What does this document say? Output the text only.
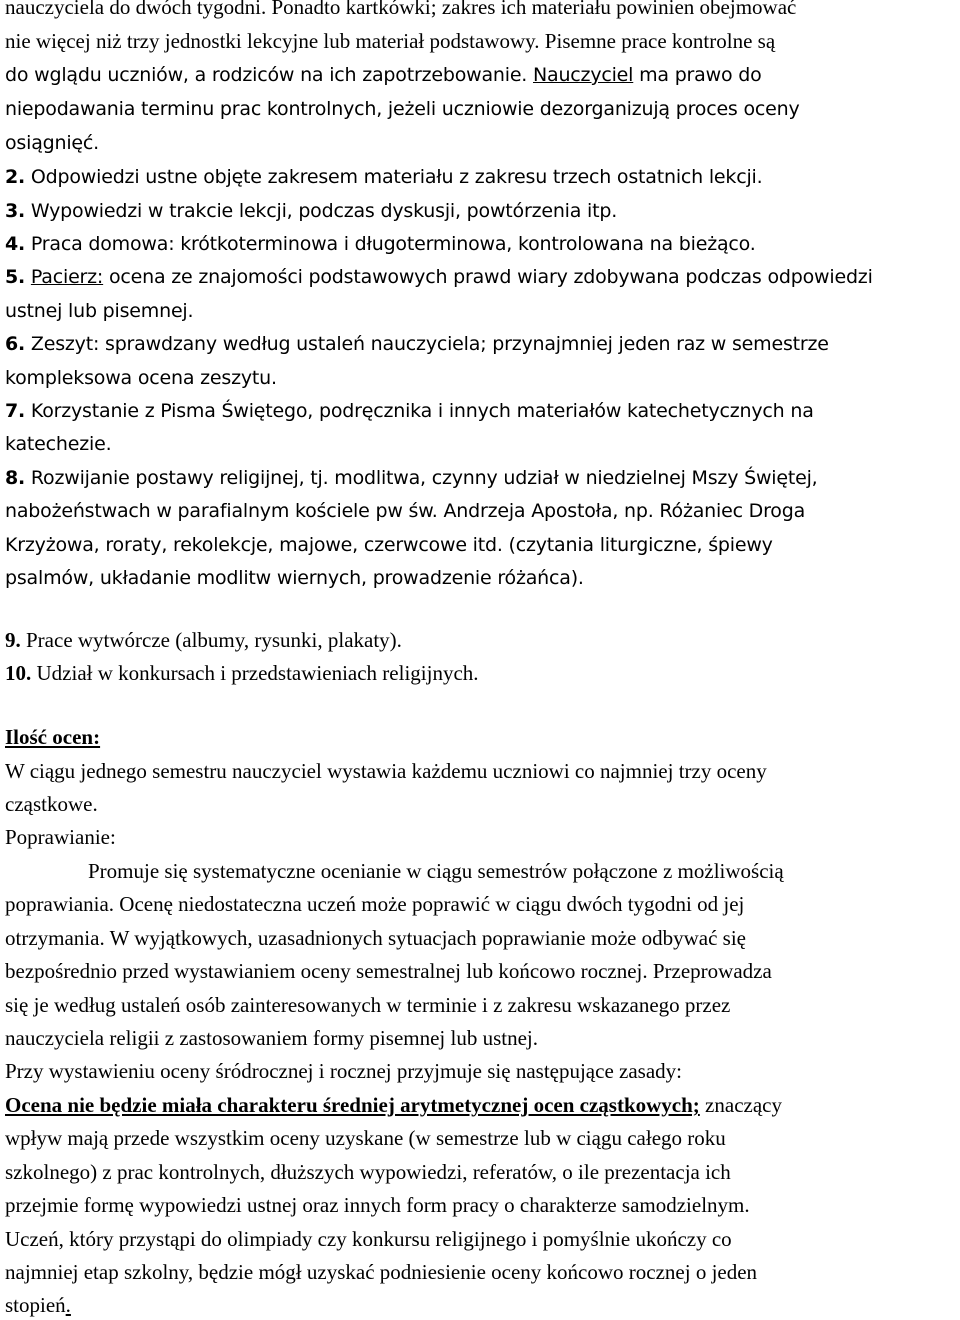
nauczyciela do dwóch tygodni. Ponadto kartkówki; zakres ich materiału powinien obejmować

nie więcej niż trzy jednostki lekcyjne lub materiał podstawowy. Pisemne prace kontrolne są

do wglądu uczniów, a rodziców na ich zapotrzebowanie. Nauczyciel ma prawo do

niepodawania terminu prac kontrolnych, jeżeli uczniowie dezorganizują proces oceny

osiągnięć.

2. Odpowiedzi ustne objęte zakresem materiału z zakresu trzech ostatnich lekcji.

3. Wypowiedzi w trakcie lekcji, podczas dyskusji, powtórzenia itp.

4. Praca domowa: krótkoterminowa i długoterminowa, kontrolowana na bieżąco.

5. Pacierz: ocena ze znajomości podstawowych prawd wiary zdobywana podczas odpowiedzi

ustnej lub pisemnej.

6. Zeszyt: sprawdzany według ustaleń nauczyciela; przynajmniej jeden raz w semestrze

kompleksowa ocena zeszytu.

7. Korzystanie z Pisma Świętego, podręcznika i innych materiałów katechetycznych na

katechezie.

8. Rozwijanie postawy religijnej, tj. modlitwa, czynny udział w niedzielnej Mszy Świętej,

nabożeństwach w parafialnym kościele pw św. Andrzeja Apostoła, np. Różaniec Droga

Krzyżowa, roraty, rekolekcje, majowe, czerwcowe itd. (czytania liturgiczne, śpiewy

psalmów, układanie modlitw wiernych, prowadzenie różańca).

9. Prace wytwórcze (albumy, rysunki, plakaty).

10. Udział w konkursach i przedstawieniach religijnych.

Ilość ocen:

W ciągu jednego semestru nauczyciel wystawia każdemu uczniowi co najmniej trzy oceny

cząstkowe.

Poprawianie:

Promuje się systematyczne ocenianie w ciągu semestrów połączone z możliwością

poprawiania. Ocenę niedostateczna uczeń może poprawić w ciągu dwóch tygodni od jej

otrzymania. W wyjątkowych, uzasadnionych sytuacjach poprawianie może odbywać się

bezpośrednio przed wystawianiem oceny semestralnej lub końcowo rocznej. Przeprowadza

się je według ustaleń osób zainteresowanych w terminie i z zakresu wskazanego przez

nauczyciela religii z zastosowaniem formy pisemnej lub ustnej.

Przy wystawieniu oceny śródrocznej i rocznej przyjmuje się następujące zasady:

Ocena nie będzie miała charakteru średniej arytmetycznej ocen cząstkowych; znaczący

wpływ mają przede wszystkim oceny uzyskane (w semestrze lub w ciągu całego roku

szkolnego) z prac kontrolnych, dłuższych wypowiedzi, referatów, o ile prezentacja ich

przejmie formę wypowiedzi ustnej oraz innych form pracy o charakterze samodzielnym.

Uczeń, który przystąpi do olimpiady czy konkursu religijnego i pomyślnie ukończy co

najmniej etap szkolny, będzie mógł uzyskać podniesienie oceny końcowo rocznej o jeden

stopień.
